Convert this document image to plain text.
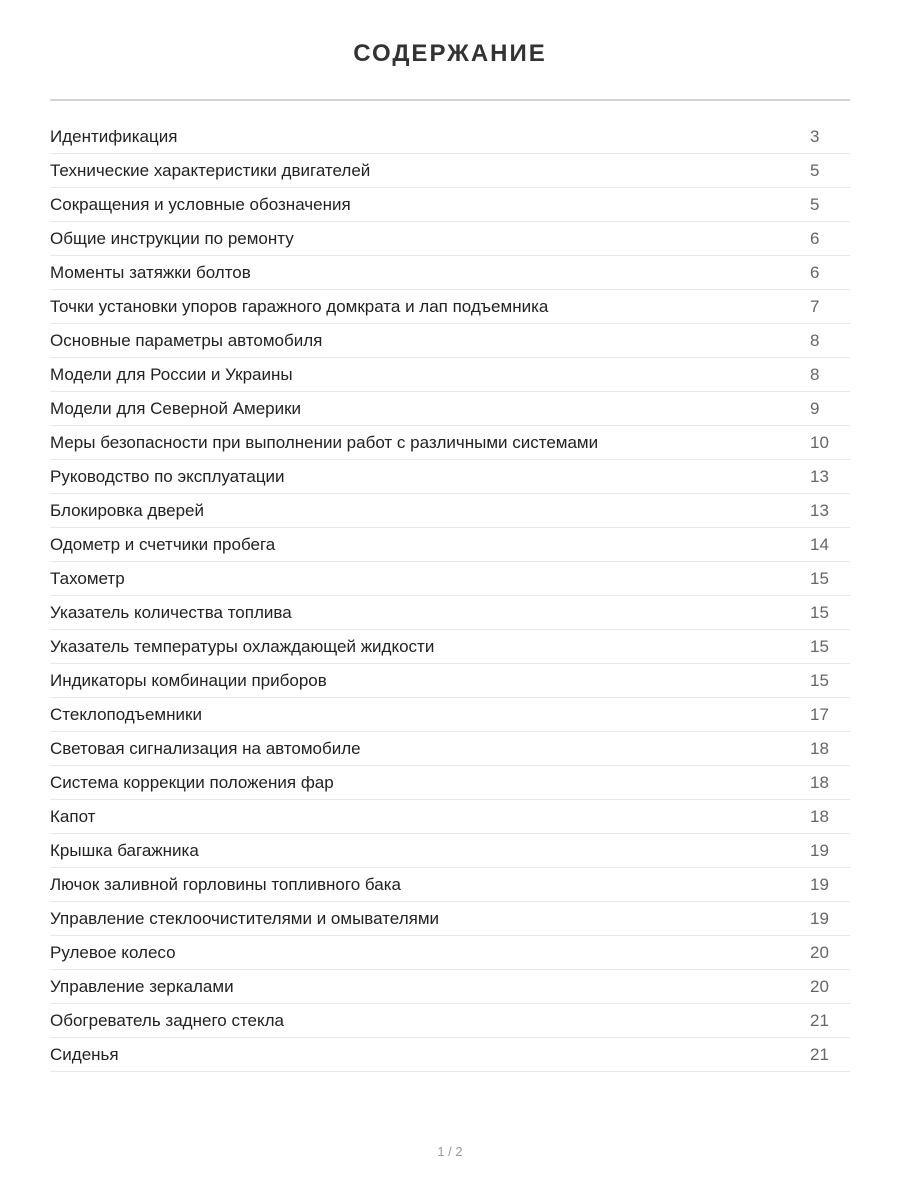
СОДЕРЖАНИЕ
Идентификация	3
Технические характеристики двигателей	5
Сокращения и условные обозначения	5
Общие инструкции по ремонту	6
Моменты затяжки болтов	6
Точки установки упоров гаражного домкрата и лап подъемника	7
Основные параметры автомобиля	8
Модели для России и Украины	8
Модели для Северной Америки	9
Меры безопасности при выполнении работ с различными системами	10
Руководство по эксплуатации	13
Блокировка дверей	13
Одометр и счетчики пробега	14
Тахометр	15
Указатель количества топлива	15
Указатель температуры охлаждающей жидкости	15
Индикаторы комбинации приборов	15
Стеклоподъемники	17
Световая сигнализация на автомобиле	18
Система коррекции положения фар	18
Капот	18
Крышка багажника	19
Лючок заливной горловины топливного бака	19
Управление стеклоочистителями и омывателями	19
Рулевое колесо	20
Управление зеркалами	20
Обогреватель заднего стекла	21
Сиденья	21
1 / 2
